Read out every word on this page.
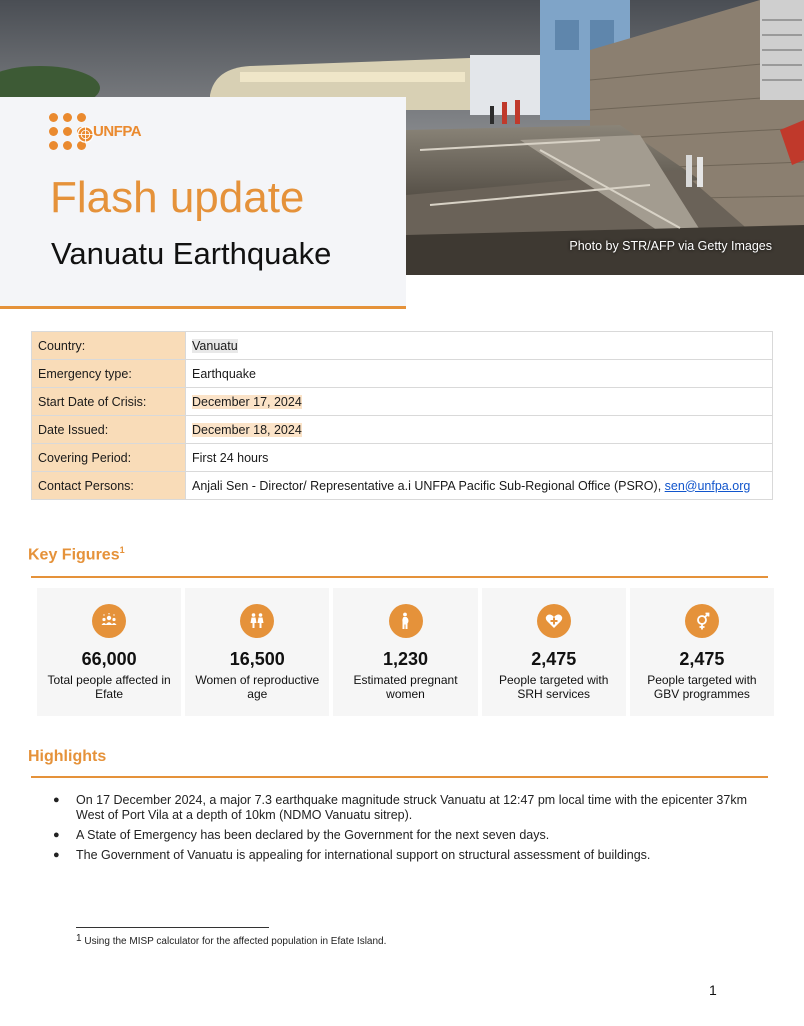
Photo by STR/AFP via Getty Images
UNFPA
Flash update
Vanuatu Earthquake
Country:	Vanuatu
Emergency type:	Earthquake
Start Date of Crisis:	December 17, 2024
Date Issued:	December 18, 2024
Covering Period:	First 24 hours
Contact Persons:	Anjali Sen - Director/ Representative a.i UNFPA Pacific Sub-Regional Office (PSRO), sen@unfpa.org
Key Figures$^1$
66,000
Total people affected in Efate
16,500
Women of reproductive age
1,230
Estimated pregnant women
2,475
People targeted with SRH services
2,475
People targeted with GBV programmes
Highlights
● On 17 December 2024, a major 7.3 earthquake magnitude struck Vanuatu at 12:47 pm local time with the epicenter 37km West of Port Vila at a depth of 10km (NDMO Vanuatu sitrep).
● A State of Emergency has been declared by the Government for the next seven days.
● The Government of Vanuatu is appealing for international support on structural assessment of buildings.
$^1$ Using the MISP calculator for the affected population in Efate Island.
1
